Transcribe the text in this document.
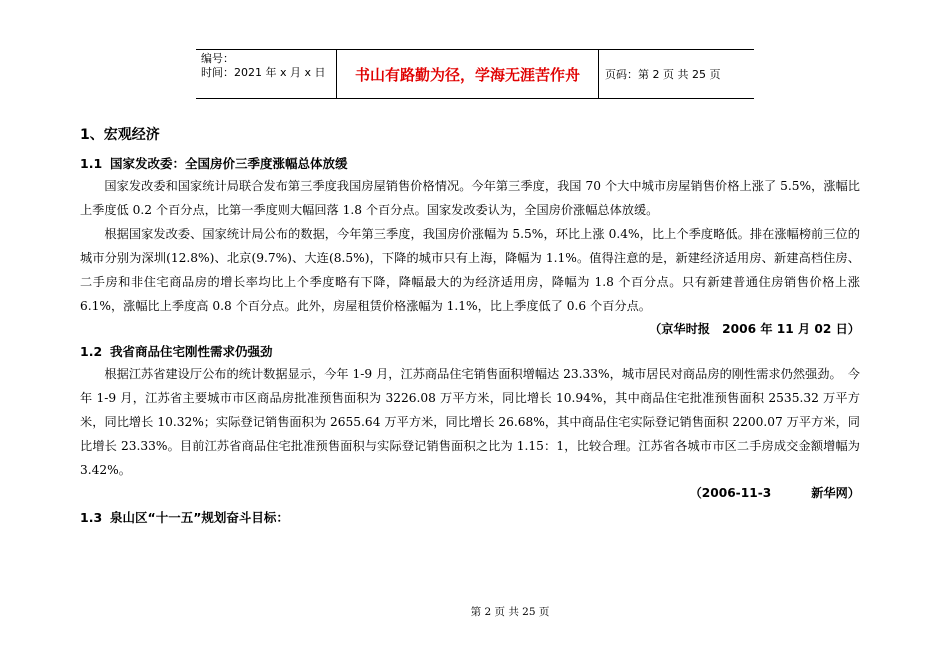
编号：
时间：2021 年 x 月 x 日	书山有路勤为径，学海无涯苦作舟	页码：第 2 页 共 25 页
1、宏观经济
1.1 国家发改委：全国房价三季度涨幅总体放缓

国家发改委和国家统计局联合发布第三季度我国房屋销售价格情况。今年第三季度，我国 70 个大中城市房屋销售价格上涨了 5.5%，涨幅比上季度低 0.2 个百分点，比第一季度则大幅回落 1.8 个百分点。国家发改委认为，全国房价涨幅总体放缓。

根据国家发改委、国家统计局公布的数据，今年第三季度，我国房价涨幅为 5.5%，环比上涨 0.4%，比上个季度略低。排在涨幅榜前三位的城市分别为深圳(12.8%)、北京(9.7%)、大连(8.5%)，下降的城市只有上海，降幅为 1.1%。值得注意的是，新建经济适用房、新建高档住房、二手房和非住宅商品房的增长率均比上个季度略有下降，降幅最大的为经济适用房，降幅为 1.8 个百分点。只有新建普通住房销售价格上涨 6.1%，涨幅比上季度高 0.8 个百分点。此外，房屋租赁价格涨幅为 1.1%，比上季度低了 0.6 个百分点。

（京华时报　2006 年 11 月 02 日）
1.2 我省商品住宅刚性需求仍强劲

根据江苏省建设厅公布的统计数据显示，今年 1-9 月，江苏商品住宅销售面积增幅达 23.33%，城市居民对商品房的刚性需求仍然强劲。　今年 1-9 月，江苏省主要城市市区商品房批准预售面积为 3226.08 万平方米，同比增长 10.94%，其中商品住宅批准预售面积 2535.32 万平方米，同比增长 10.32%；实际登记销售面积为 2655.64 万平方米，同比增长 26.68%，其中商品住宅实际登记销售面积 2200.07 万平方米，同比增长 23.33%。目前江苏省商品住宅批准预售面积与实际登记销售面积之比为 1.15：1，比较合理。江苏省各城市市区二手房成交金额增幅为 3.42%。

（2006-11-3	新华网）
1.3 泉山区“十一五”规划奋斗目标：
第 2 页 共 25 页
